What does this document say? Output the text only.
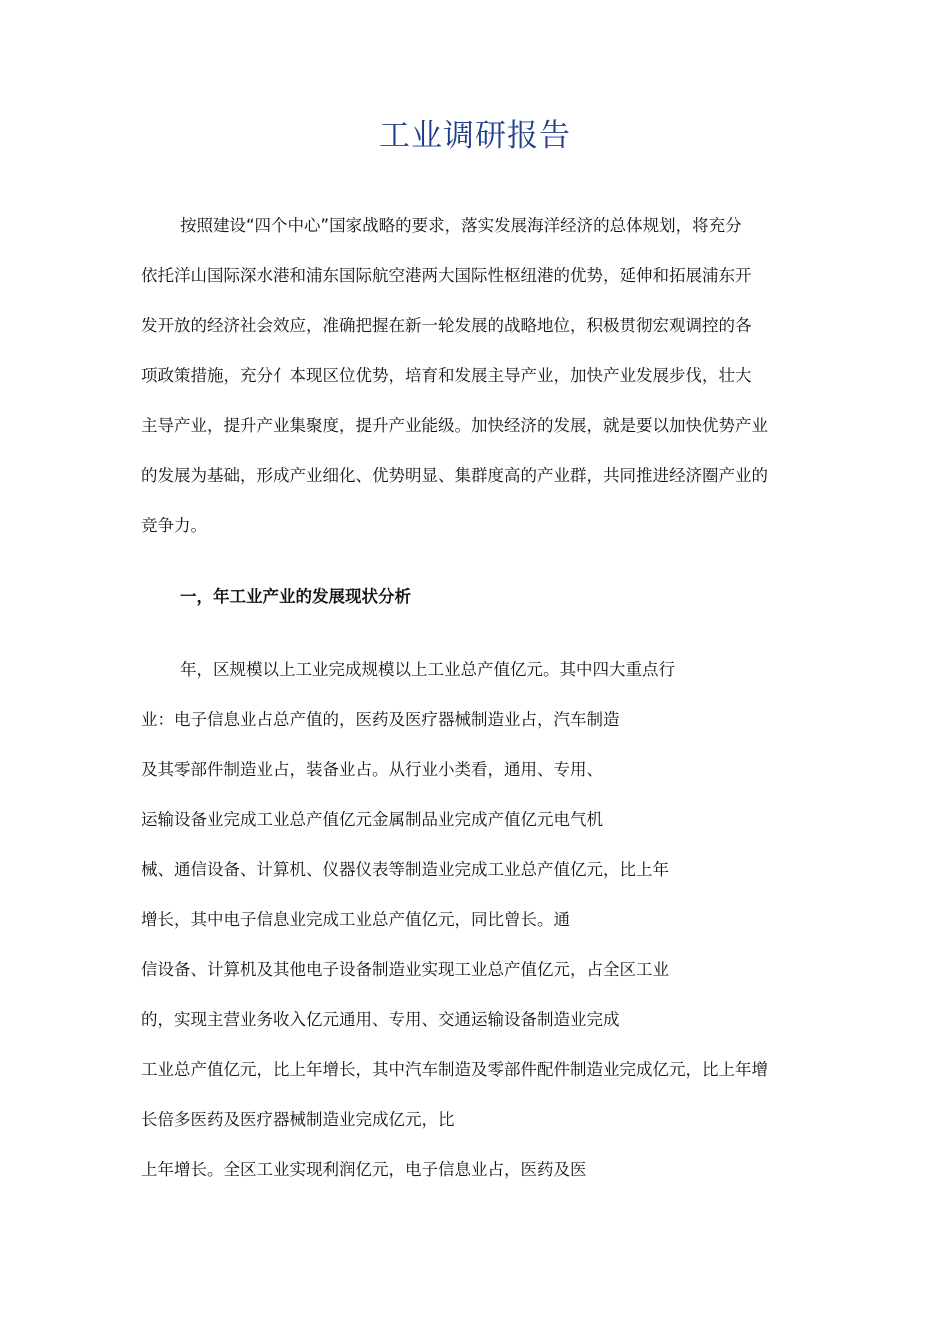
工业调研报告
按照建设“四个中心”国家战略的要求，落实发展海洋经济的总体规划，将充分
依托洋山国际深水港和浦东国际航空港两大国际性枢纽港的优势，延伸和拓展浦东开
发开放的经济社会效应，准确把握在新一轮发展的战略地位，积极贯彻宏观调控的各
项政策措施，充分亻本现区位优势，培育和发展主导产业，加快产业发展步伐，壮大
主导产业，提升产业集聚度，提升产业能级。加快经济的发展，就是要以加快优势产业
的发展为基础，形成产业细化、优势明显、集群度高的产业群，共同推进经济圈产业的
竞争力。
一，年工业产业的发展现状分析
年，区规模以上工业完成规模以上工业总产值亿元。其中四大重点行
业：电子信息业占总产值的，医药及医疗器械制造业占，汽车制造
及其零部件制造业占，装备业占。从行业小类看，通用、专用、
运输设备业完成工业总产值亿元金属制品业完成产值亿元电气机
械、通信设备、计算机、仪器仪表等制造业完成工业总产值亿元，比上年
增长，其中电子信息业完成工业总产值亿元，同比曾长。通
信设备、计算机及其他电子设备制造业实现工业总产值亿元，占全区工业
的，实现主营业务收入亿元通用、专用、交通运输设备制造业完成
工业总产值亿元，比上年增长，其中汽车制造及零部件配件制造业完成亿元，比上年增
长倍多医药及医疗器械制造业完成亿元，比
上年增长。全区工业实现利润亿元，电子信息业占，医药及医
